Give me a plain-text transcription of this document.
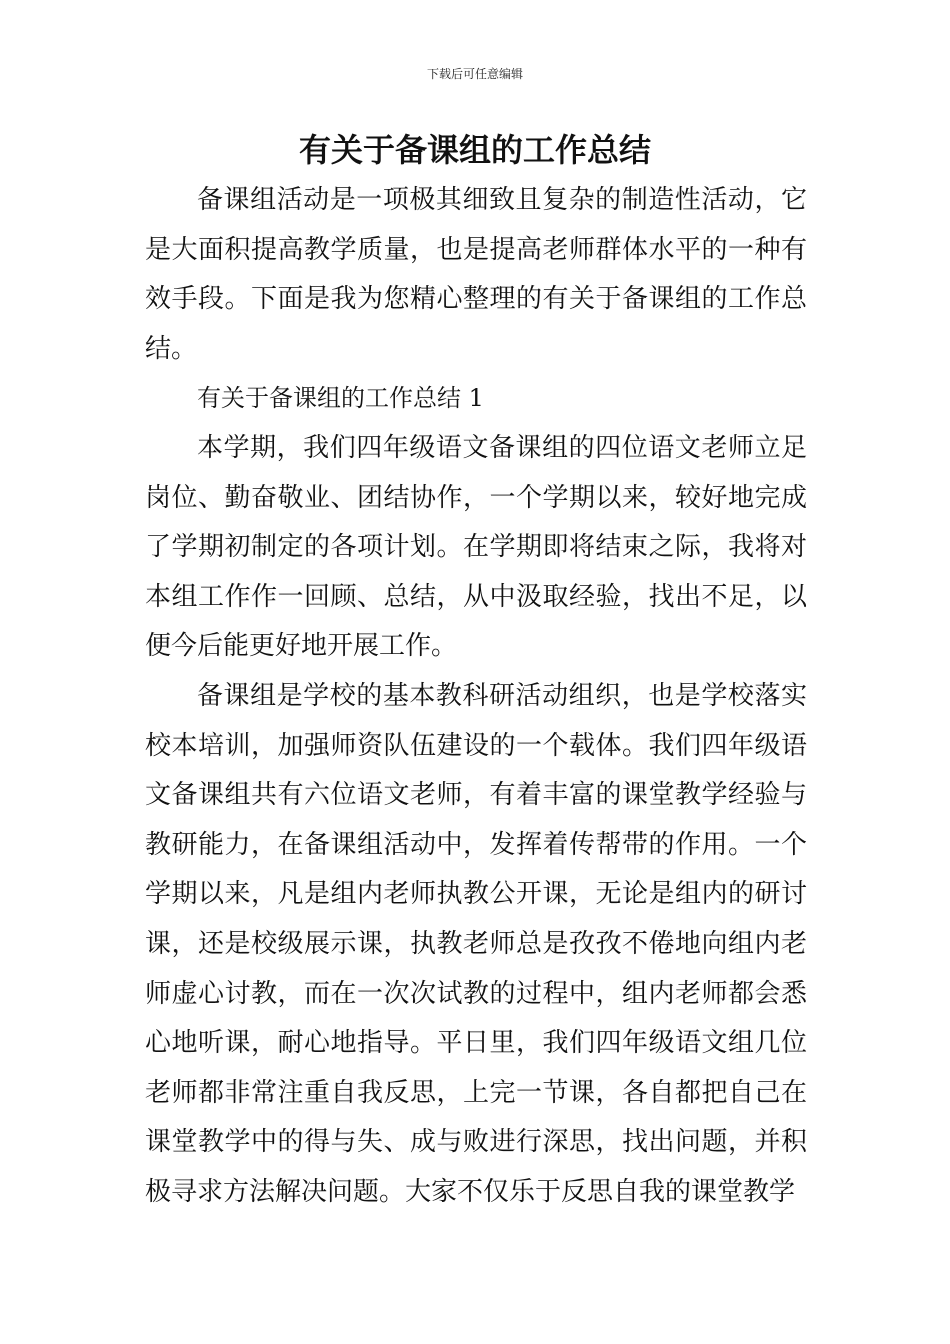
下载后可任意编辑
有关于备课组的工作总结

备课组活动是一项极其细致且复杂的制造性活动，它是大面积提高教学质量，也是提高老师群体水平的一种有效手段。下面是我为您精心整理的有关于备课组的工作总结。

有关于备课组的工作总结 1

本学期，我们四年级语文备课组的四位语文老师立足岗位、勤奋敬业、团结协作，一个学期以来，较好地完成了学期初制定的各项计划。在学期即将结束之际，我将对本组工作作一回顾、总结，从中汲取经验，找出不足，以便今后能更好地开展工作。

备课组是学校的基本教科研活动组织，也是学校落实校本培训，加强师资队伍建设的一个载体。我们四年级语文备课组共有六位语文老师，有着丰富的课堂教学经验与教研能力，在备课组活动中，发挥着传帮带的作用。一个学期以来，凡是组内老师执教公开课，无论是组内的研讨课，还是校级展示课，执教老师总是孜孜不倦地向组内老师虚心讨教，而在一次次试教的过程中，组内老师都会悉心地听课，耐心地指导。平日里，我们四年级语文组几位老师都非常注重自我反思，上完一节课，各自都把自己在课堂教学中的得与失、成与败进行深思，找出问题，并积极寻求方法解决问题。大家不仅乐于反思自我的课堂教学
